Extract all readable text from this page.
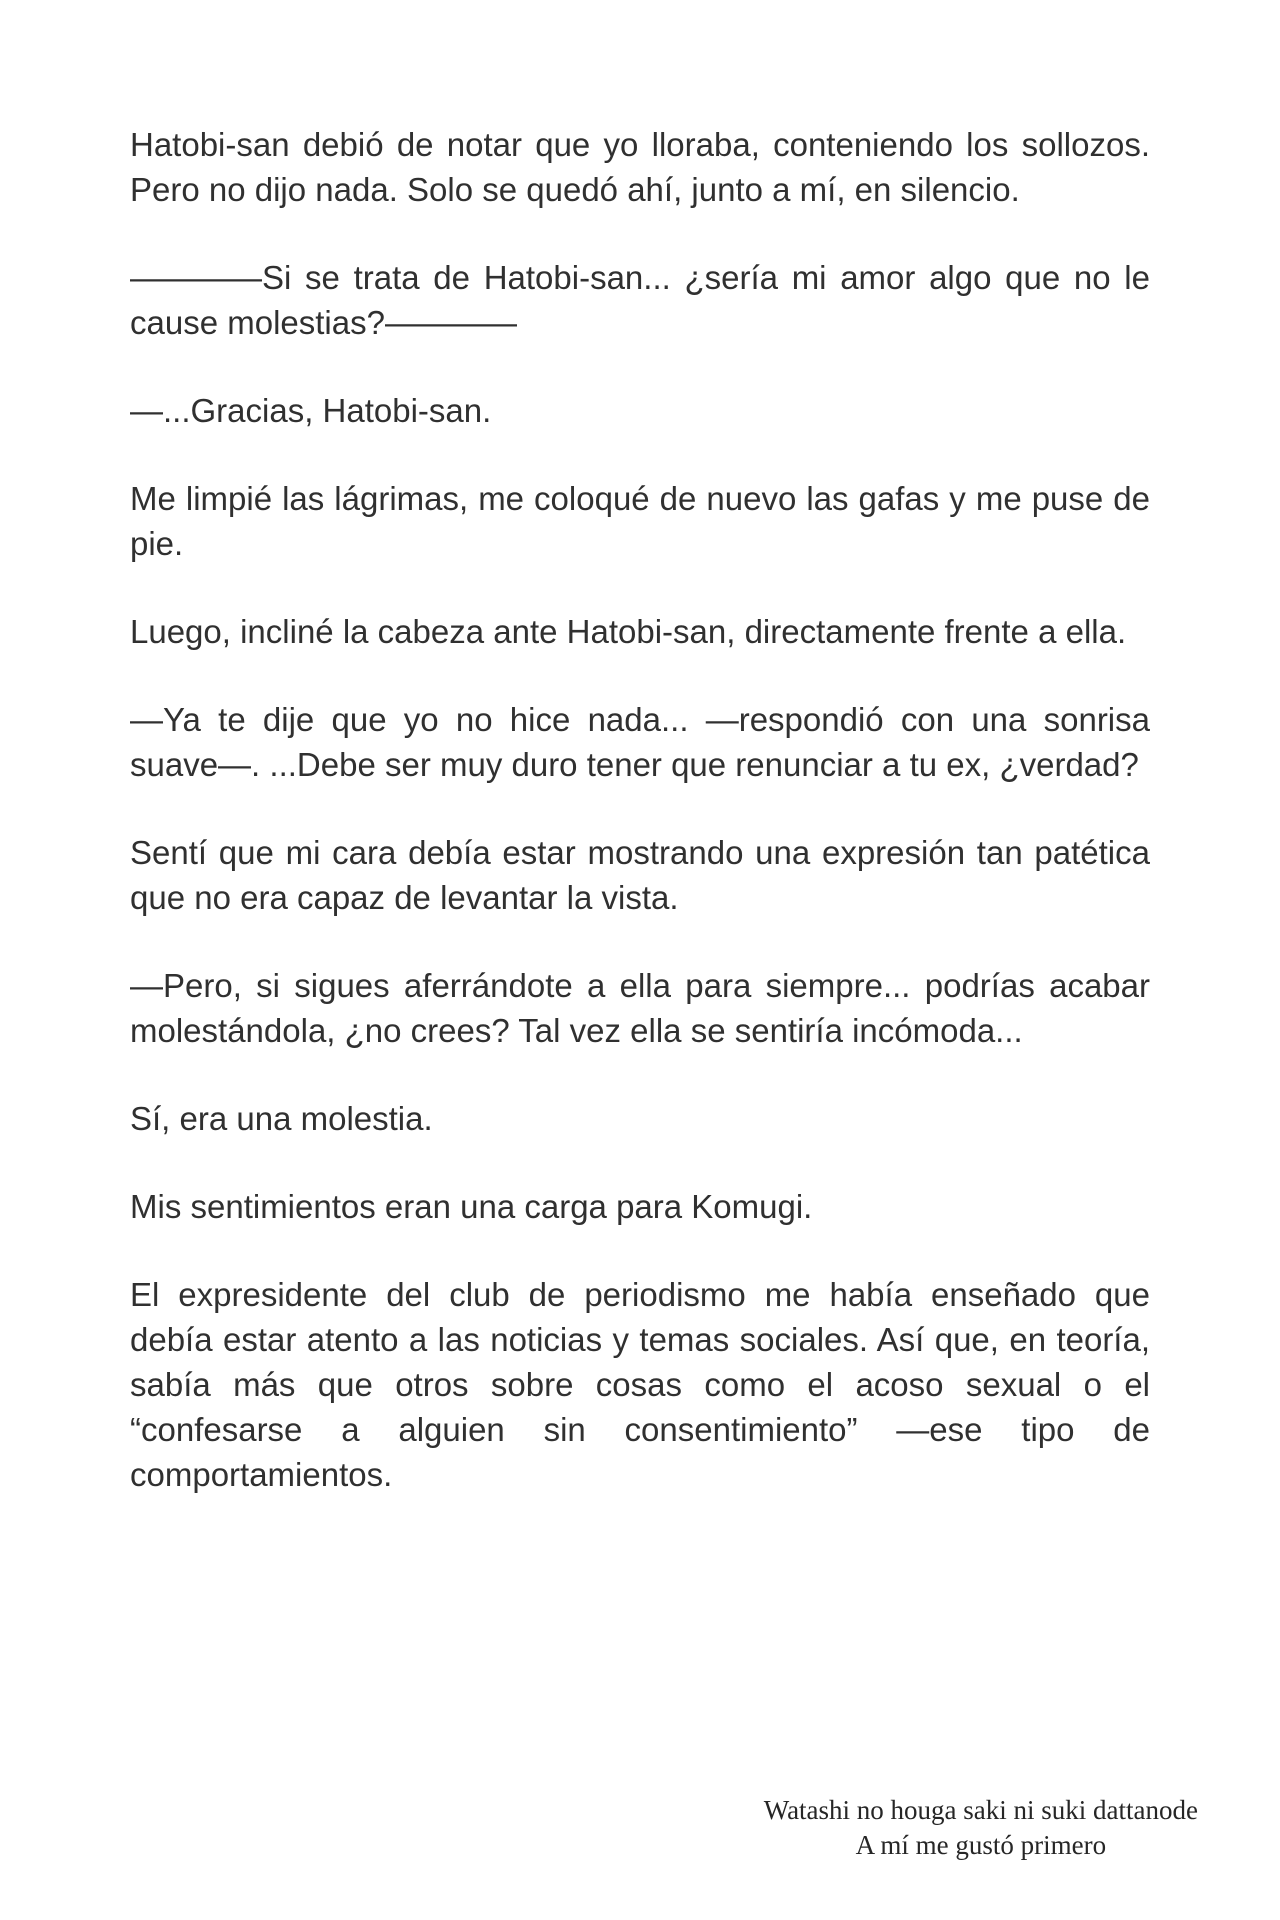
Hatobi-san debió de notar que yo lloraba, conteniendo los sollozos. Pero no dijo nada. Solo se quedó ahí, junto a mí, en silencio.

————Si se trata de Hatobi-san... ¿sería mi amor algo que no le cause molestias?————

—...Gracias, Hatobi-san.

Me limpié las lágrimas, me coloqué de nuevo las gafas y me puse de pie.

Luego, incliné la cabeza ante Hatobi-san, directamente frente a ella.

—Ya te dije que yo no hice nada... —respondió con una sonrisa suave—. ...Debe ser muy duro tener que renunciar a tu ex, ¿verdad?

Sentí que mi cara debía estar mostrando una expresión tan patética que no era capaz de levantar la vista.

—Pero, si sigues aferrándote a ella para siempre... podrías acabar molestándola, ¿no crees? Tal vez ella se sentiría incómoda...

Sí, era una molestia.

Mis sentimientos eran una carga para Komugi.

El expresidente del club de periodismo me había enseñado que debía estar atento a las noticias y temas sociales. Así que, en teoría, sabía más que otros sobre cosas como el acoso sexual o el “confesarse a alguien sin consentimiento” —ese tipo de comportamientos.

Watashi no houga saki ni suki dattanode
A mí me gustó primero
